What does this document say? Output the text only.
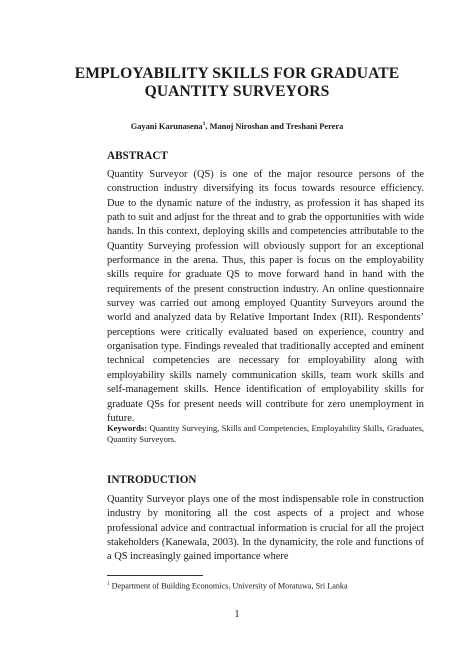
EMPLOYABILITY SKILLS FOR GRADUATE
QUANTITY SURVEYORS
Gayani Karunasena$^1$, Manoj Niroshan and Treshani Perera
ABSTRACT
Quantity Surveyor (QS) is one of the major resource persons of the construction industry diversifying its focus towards resource efficiency. Due to the dynamic nature of the industry, as profession it has shaped its path to suit and adjust for the threat and to grab the opportunities with wide hands. In this context, deploying skills and competencies attributable to the Quantity Surveying profession will obviously support for an exceptional performance in the arena. Thus, this paper is focus on the employability skills require for graduate QS to move forward hand in hand with the requirements of the present construction industry. An online questionnaire survey was carried out among employed Quantity Surveyors around the world and analyzed data by Relative Important Index (RII). Respondents’ perceptions were critically evaluated based on experience, country and organisation type. Findings revealed that traditionally accepted and eminent technical competencies are necessary for employability along with employability skills namely communication skills, team work skills and self-management skills. Hence identification of employability skills for graduate QSs for present needs will contribute for zero unemployment in future.
Keywords: Quantity Surveying, Skills and Competencies, Employability Skills, Graduates, Quantity Surveyors.
INTRODUCTION
Quantity Surveyor plays one of the most indispensable role in construction industry by monitoring all the cost aspects of a project and whose professional advice and contractual information is crucial for all the project stakeholders (Kanewala, 2003). In the dynamicity, the role and functions of a QS increasingly gained importance where
$^1$ Department of Building Economics, University of Moratuwa, Sri Lanka
1
